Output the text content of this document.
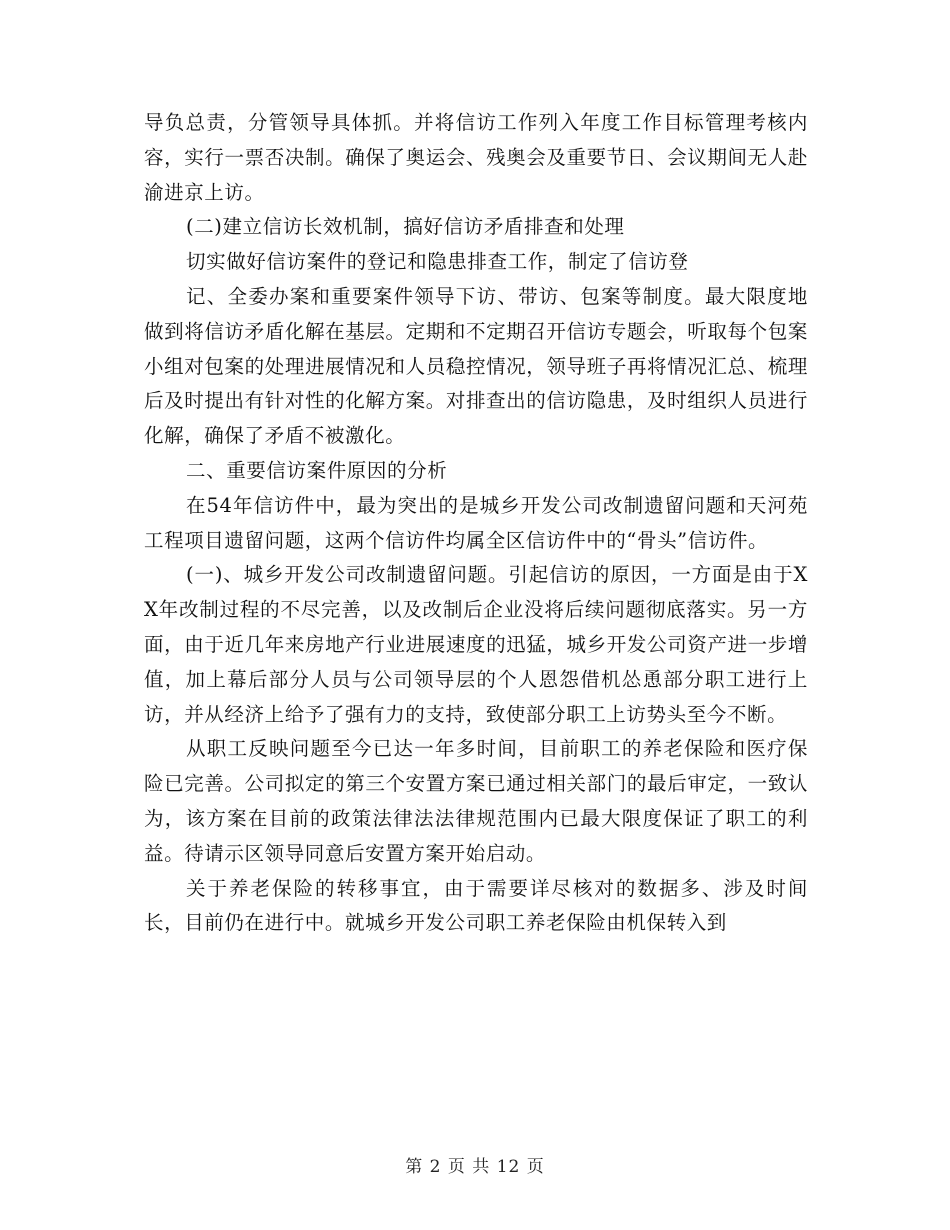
导负总责，分管领导具体抓。并将信访工作列入年度工作目标管理考核内容，实行一票否决制。确保了奥运会、残奥会及重要节日、会议期间无人赴渝进京上访。

(二)建立信访长效机制，搞好信访矛盾排查和处理

切实做好信访案件的登记和隐患排查工作，制定了信访登

记、全委办案和重要案件领导下访、带访、包案等制度。最大限度地做到将信访矛盾化解在基层。定期和不定期召开信访专题会，听取每个包案小组对包案的处理进展情况和人员稳控情况，领导班子再将情况汇总、梳理后及时提出有针对性的化解方案。对排查出的信访隐患，及时组织人员进行化解，确保了矛盾不被激化。

二、重要信访案件原因的分析

在54年信访件中，最为突出的是城乡开发公司改制遗留问题和天河苑工程项目遗留问题，这两个信访件均属全区信访件中的“骨头”信访件。

(一)、城乡开发公司改制遗留问题。引起信访的原因，一方面是由于XX年改制过程的不尽完善，以及改制后企业没将后续问题彻底落实。另一方面，由于近几年来房地产行业进展速度的迅猛，城乡开发公司资产进一步增值，加上幕后部分人员与公司领导层的个人恩怨借机怂恿部分职工进行上访，并从经济上给予了强有力的支持，致使部分职工上访势头至今不断。

从职工反映问题至今已达一年多时间，目前职工的养老保险和医疗保险已完善。公司拟定的第三个安置方案已通过相关部门的最后审定，一致认为，该方案在目前的政策法律法法律规范围内已最大限度保证了职工的利益。待请示区领导同意后安置方案开始启动。

关于养老保险的转移事宜，由于需要详尽核对的数据多、涉及时间长，目前仍在进行中。就城乡开发公司职工养老保险由机保转入到

第 2 页 共 12 页
